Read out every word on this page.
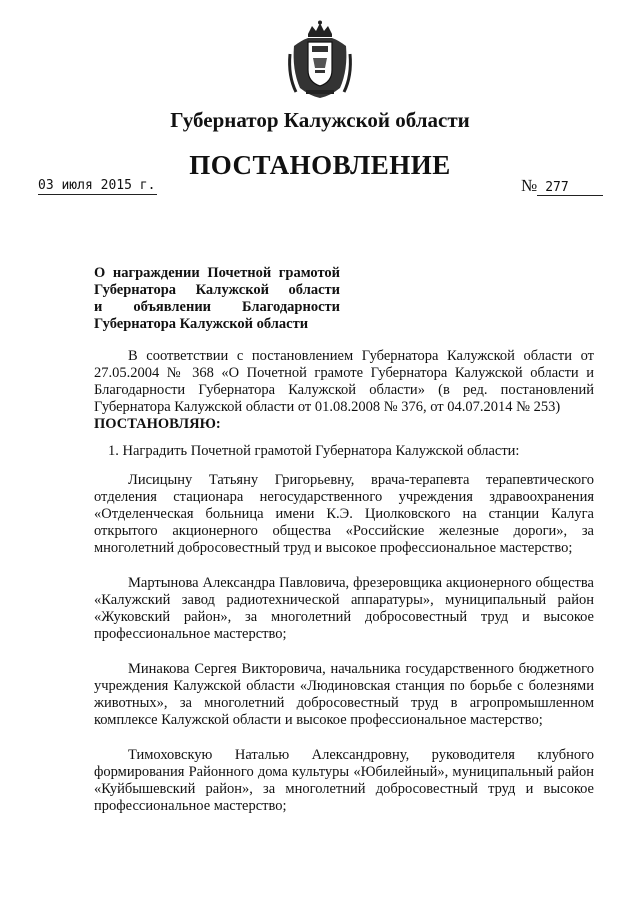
Губернатор Калужской области
ПОСТАНОВЛЕНИЕ
03 июля 2015 г.	№ 277
О награждении Почетной грамотой
Губернатора Калужской области
и объявлении Благодарности
Губернатора Калужской области

В соответствии с постановлением Губернатора Калужской области от 27.05.2004 № 368 «О Почетной грамоте Губернатора Калужской области и Благодарности Губернатора Калужской области» (в ред. постановлений Губернатора Калужской области от 01.08.2008 № 376, от 04.07.2014 № 253)

ПОСТАНОВЛЯЮ:

1. Наградить Почетной грамотой Губернатора Калужской области:

Лисицыну Татьяну Григорьевну, врача-терапевта терапевтического отделения стационара негосударственного учреждения здравоохранения «Отделенческая больница имени К.Э. Циолковского на станции Калуга открытого акционерного общества «Российские железные дороги», за многолетний добросовестный труд и высокое профессиональное мастерство;

Мартынова Александра Павловича, фрезеровщика акционерного общества «Калужский завод радиотехнической аппаратуры», муниципальный район «Жуковский район», за многолетний добросовестный труд и высокое профессиональное мастерство;

Минакова Сергея Викторовича, начальника государственного бюджетного учреждения Калужской области «Людиновская станция по борьбе с болезнями животных», за многолетний добросовестный труд в агропромышленном комплексе Калужской области и высокое профессиональное мастерство;

Тимоховскую Наталью Александровну, руководителя клубного формирования Районного дома культуры «Юбилейный», муниципальный район «Куйбышевский район», за многолетний добросовестный труд и высокое профессиональное мастерство;
